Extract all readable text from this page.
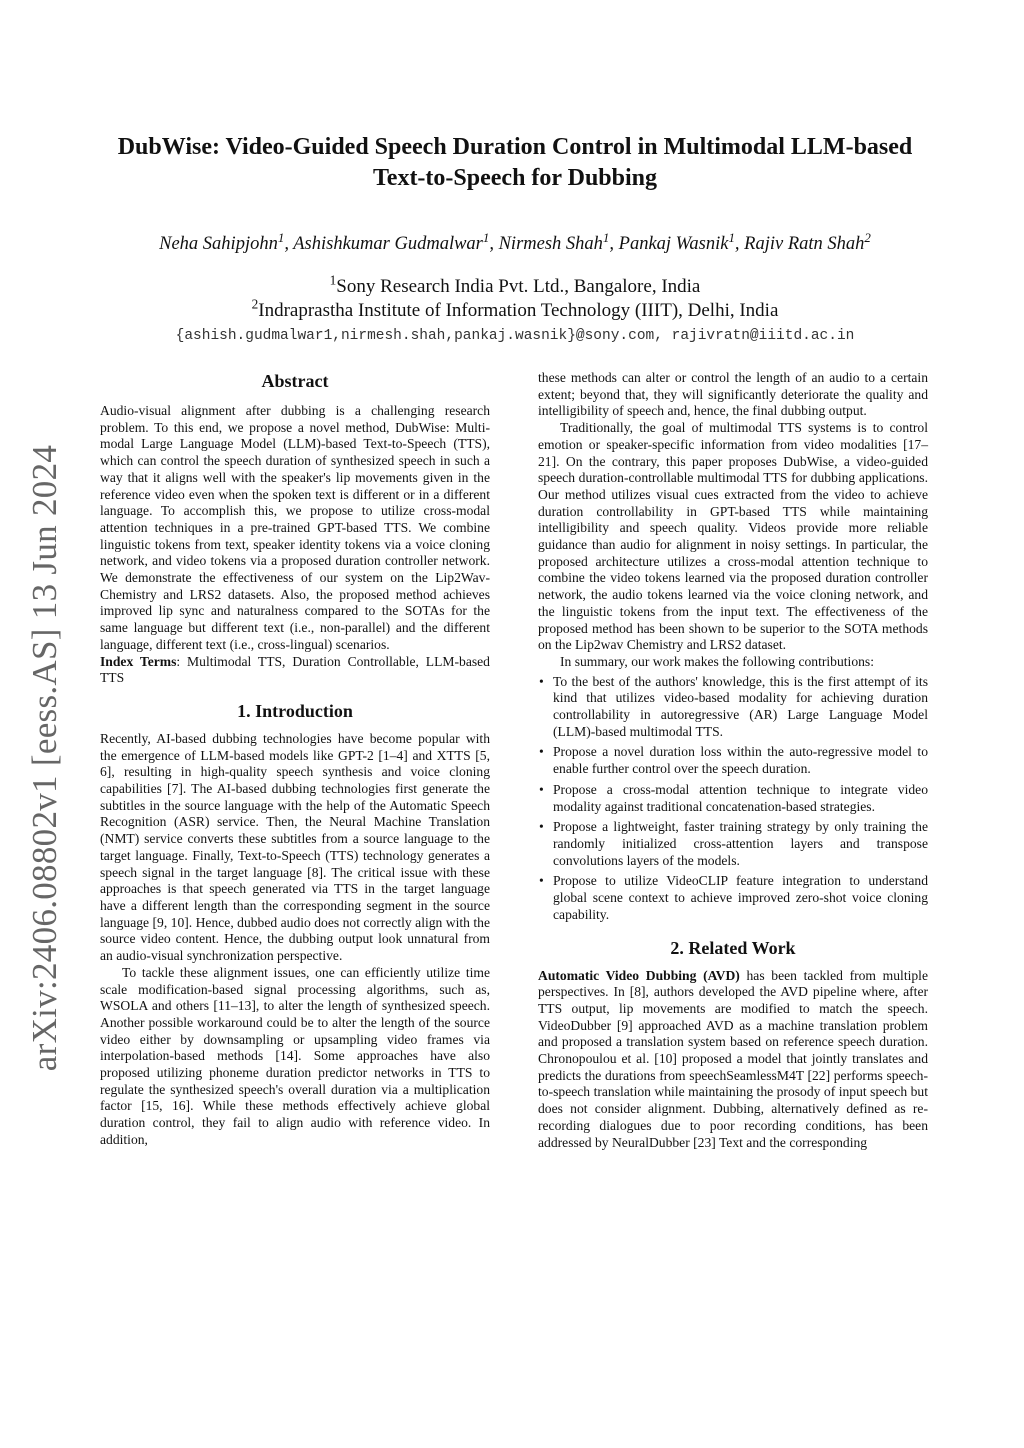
arXiv:2406.08802v1 [eess.AS] 13 Jun 2024
DubWise: Video-Guided Speech Duration Control in Multimodal LLM-based
Text-to-Speech for Dubbing

Neha Sahipjohn$^1$, Ashishkumar Gudmalwar$^1$, Nirmesh Shah$^1$, Pankaj Wasnik$^1$, Rajiv Ratn Shah$^2$

$^1$Sony Research India Pvt. Ltd., Bangalore, India

$^2$Indraprastha Institute of Information Technology (IIIT), Delhi, India

{ashish.gudmalwar1,nirmesh.shah,pankaj.wasnik}@sony.com, rajivratn@iiitd.ac.in

Abstract

Audio-visual alignment after dubbing is a challenging research problem. To this end, we propose a novel method, DubWise: Multi-modal Large Language Model (LLM)-based Text-to-Speech (TTS), which can control the speech duration of synthesized speech in such a way that it aligns well with the speaker's lip movements given in the reference video even when the spoken text is different or in a different language. To accomplish this, we propose to utilize cross-modal attention techniques in a pre-trained GPT-based TTS. We combine linguistic tokens from text, speaker identity tokens via a voice cloning network, and video tokens via a proposed duration controller network. We demonstrate the effectiveness of our system on the Lip2Wav-Chemistry and LRS2 datasets. Also, the proposed method achieves improved lip sync and naturalness compared to the SOTAs for the same language but different text (i.e., non-parallel) and the different language, different text (i.e., cross-lingual) scenarios.

Index Terms: Multimodal TTS, Duration Controllable, LLM-based TTS

1. Introduction

Recently, AI-based dubbing technologies have become popular with the emergence of LLM-based models like GPT-2 [1–4] and XTTS [5, 6], resulting in high-quality speech synthesis and voice cloning capabilities [7]. The AI-based dubbing technologies first generate the subtitles in the source language with the help of the Automatic Speech Recognition (ASR) service. Then, the Neural Machine Translation (NMT) service converts these subtitles from a source language to the target language. Finally, Text-to-Speech (TTS) technology generates a speech signal in the target language [8]. The critical issue with these approaches is that speech generated via TTS in the target language have a different length than the corresponding segment in the source language [9, 10]. Hence, dubbed audio does not correctly align with the source video content. Hence, the dubbing output look unnatural from an audio-visual synchronization perspective.

To tackle these alignment issues, one can efficiently utilize time scale modification-based signal processing algorithms, such as, WSOLA and others [11–13], to alter the length of synthesized speech. Another possible workaround could be to alter the length of the source video either by downsampling or upsampling video frames via interpolation-based methods [14]. Some approaches have also proposed utilizing phoneme duration predictor networks in TTS to regulate the synthesized speech's overall duration via a multiplication factor [15, 16]. While these methods effectively achieve global duration control, they fail to align audio with reference video. In addition,

these methods can alter or control the length of an audio to a certain extent; beyond that, they will significantly deteriorate the quality and intelligibility of speech and, hence, the final dubbing output.

Traditionally, the goal of multimodal TTS systems is to control emotion or speaker-specific information from video modalities [17–21]. On the contrary, this paper proposes DubWise, a video-guided speech duration-controllable multimodal TTS for dubbing applications. Our method utilizes visual cues extracted from the video to achieve duration controllability in GPT-based TTS while maintaining intelligibility and speech quality. Videos provide more reliable guidance than audio for alignment in noisy settings. In particular, the proposed architecture utilizes a cross-modal attention technique to combine the video tokens learned via the proposed duration controller network, the audio tokens learned via the voice cloning network, and the linguistic tokens from the input text. The effectiveness of the proposed method has been shown to be superior to the SOTA methods on the Lip2wav Chemistry and LRS2 dataset.

In summary, our work makes the following contributions:

• To the best of the authors' knowledge, this is the first attempt of its kind that utilizes video-based modality for achieving duration controllability in autoregressive (AR) Large Language Model (LLM)-based multimodal TTS.
• Propose a novel duration loss within the auto-regressive model to enable further control over the speech duration.
• Propose a cross-modal attention technique to integrate video modality against traditional concatenation-based strategies.
• Propose a lightweight, faster training strategy by only training the randomly initialized cross-attention layers and transpose convolutions layers of the models.
• Propose to utilize VideoCLIP feature integration to understand global scene context to achieve improved zero-shot voice cloning capability.
2. Related Work

Automatic Video Dubbing (AVD) has been tackled from multiple perspectives. In [8], authors developed the AVD pipeline where, after TTS output, lip movements are modified to match the speech. VideoDubber [9] approached AVD as a machine translation problem and proposed a translation system based on reference speech duration. Chronopoulou et al. [10] proposed a model that jointly translates and predicts the durations from speechSeamlessM4T [22] performs speech-to-speech translation while maintaining the prosody of input speech but does not consider alignment. Dubbing, alternatively defined as re-recording dialogues due to poor recording conditions, has been addressed by NeuralDubber [23] Text and the corresponding
